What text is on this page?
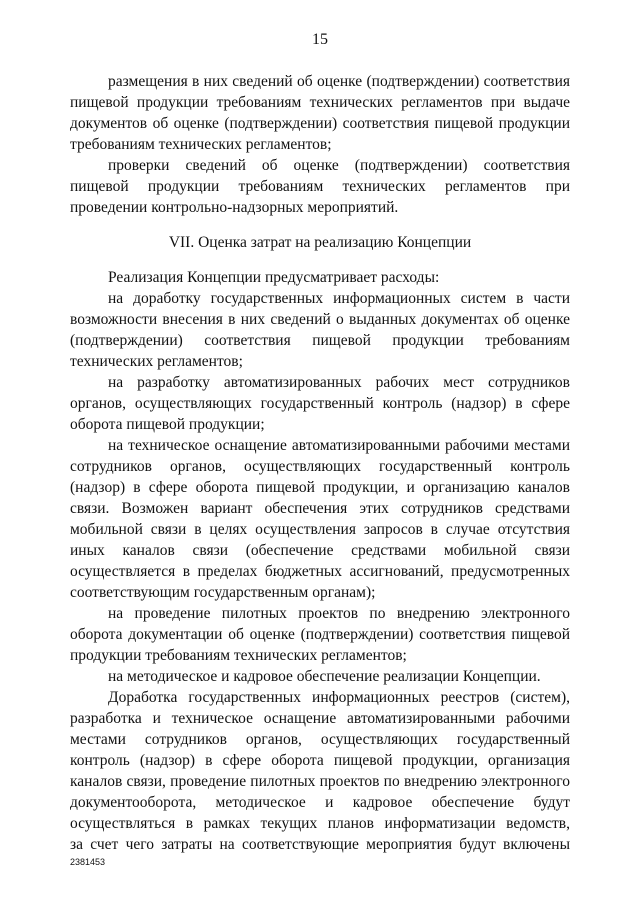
15
размещения в них сведений об оценке (подтверждении) соответствия
пищевой продукции требованиям технических регламентов при выдаче
документов об оценке (подтверждении) соответствия пищевой продукции
требованиям технических регламентов;
проверки сведений об оценке (подтверждении) соответствия
пищевой продукции требованиям технических регламентов при
проведении контрольно-надзорных мероприятий.
VII. Оценка затрат на реализацию Концепции
Реализация Концепции предусматривает расходы:
на доработку государственных информационных систем в части
возможности внесения в них сведений о выданных документах об оценке
(подтверждении) соответствия пищевой продукции требованиям
технических регламентов;
на разработку автоматизированных рабочих мест сотрудников
органов, осуществляющих государственный контроль (надзор) в сфере
оборота пищевой продукции;
на техническое оснащение автоматизированными рабочими местами
сотрудников органов, осуществляющих государственный контроль
(надзор) в сфере оборота пищевой продукции, и организацию каналов
связи. Возможен вариант обеспечения этих сотрудников средствами
мобильной связи в целях осуществления запросов в случае отсутствия
иных каналов связи (обеспечение средствами мобильной связи
осуществляется в пределах бюджетных ассигнований, предусмотренных
соответствующим государственным органам);
на проведение пилотных проектов по внедрению электронного
оборота документации об оценке (подтверждении) соответствия пищевой
продукции требованиям технических регламентов;
на методическое и кадровое обеспечение реализации Концепции.
Доработка государственных информационных реестров (систем),
разработка и техническое оснащение автоматизированными рабочими
местами сотрудников органов, осуществляющих государственный
контроль (надзор) в сфере оборота пищевой продукции, организация
каналов связи, проведение пилотных проектов по внедрению электронного
документооборота, методическое и кадровое обеспечение будут
осуществляться в рамках текущих планов информатизации ведомств,
за счет чего затраты на соответствующие мероприятия будут включены
2381453
